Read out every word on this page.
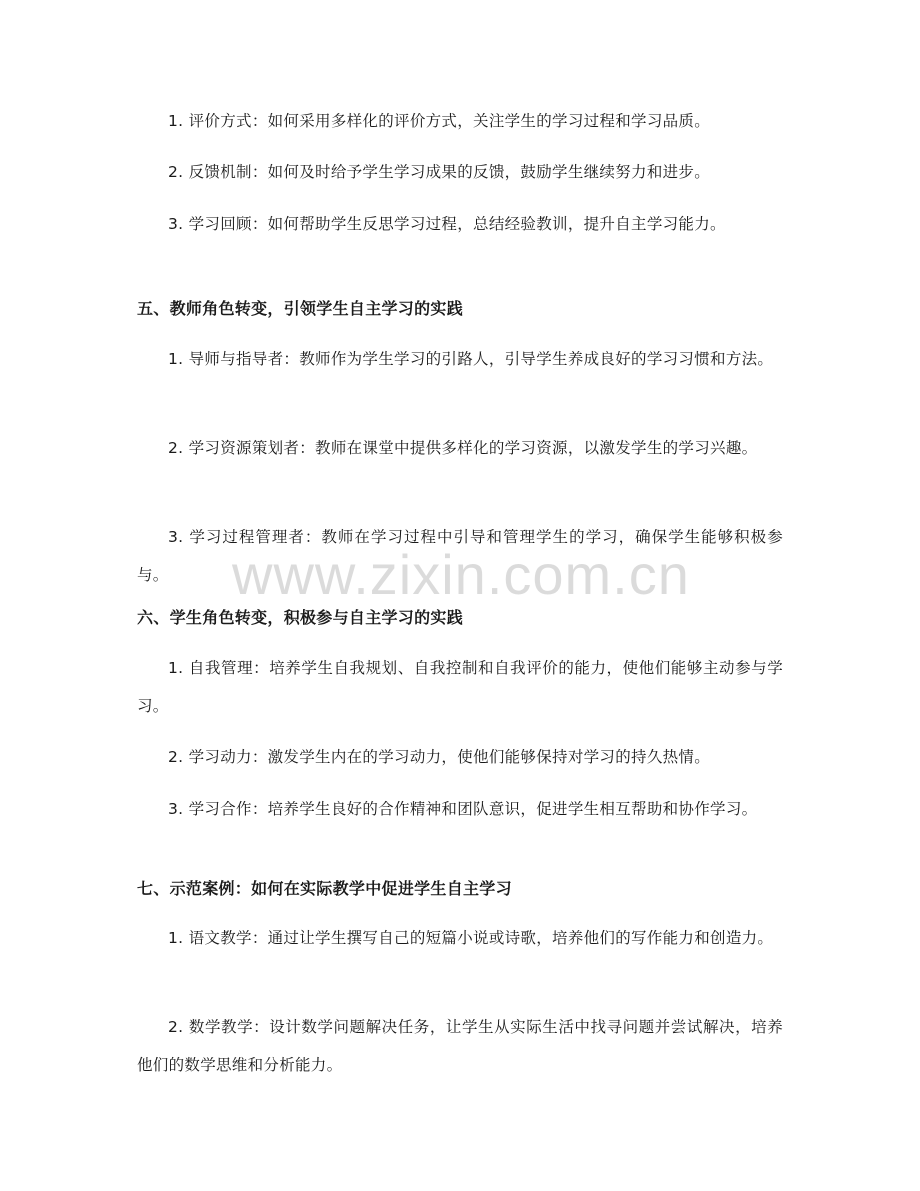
1. 评价方式：如何采用多样化的评价方式，关注学生的学习过程和学习品质。

2. 反馈机制：如何及时给予学生学习成果的反馈，鼓励学生继续努力和进步。

3. 学习回顾：如何帮助学生反思学习过程，总结经验教训，提升自主学习能力。

五、教师角色转变，引领学生自主学习的实践

1. 导师与指导者：教师作为学生学习的引路人，引导学生养成良好的学习习惯和方法。

2. 学习资源策划者：教师在课堂中提供多样化的学习资源，以激发学生的学习兴趣。

3. 学习过程管理者：教师在学习过程中引导和管理学生的学习，确保学生能够积极参与。

六、学生角色转变，积极参与自主学习的实践

1. 自我管理：培养学生自我规划、自我控制和自我评价的能力，使他们能够主动参与学习。

2. 学习动力：激发学生内在的学习动力，使他们能够保持对学习的持久热情。

3. 学习合作：培养学生良好的合作精神和团队意识，促进学生相互帮助和协作学习。

七、示范案例：如何在实际教学中促进学生自主学习

1. 语文教学：通过让学生撰写自己的短篇小说或诗歌，培养他们的写作能力和创造力。

2. 数学教学：设计数学问题解决任务，让学生从实际生活中找寻问题并尝试解决，培养他们的数学思维和分析能力。

www.zixin.com.cn
